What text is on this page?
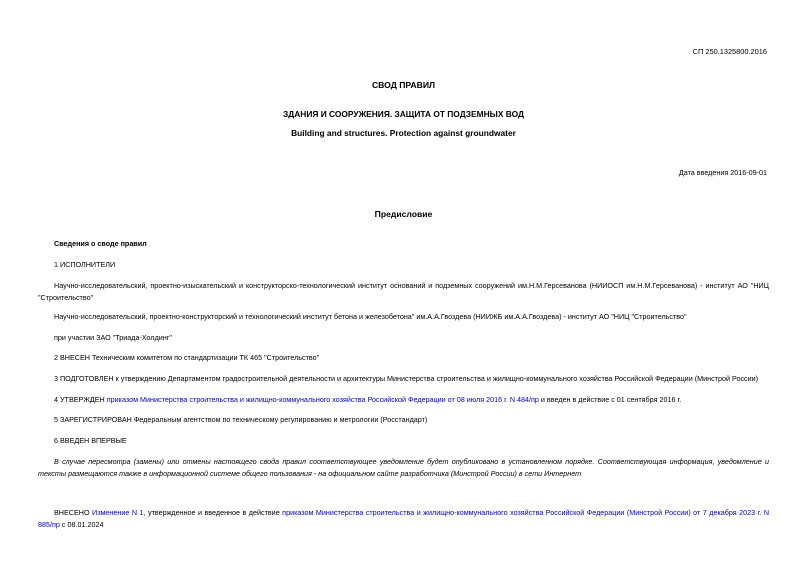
СП 250.1325800.2016
СВОД ПРАВИЛ
ЗДАНИЯ И СООРУЖЕНИЯ. ЗАЩИТА ОТ ПОДЗЕМНЫХ ВОД
Building and structures. Protection against groundwater
Дата введения 2016-09-01
Предисловие
Сведения о своде правил
1 ИСПОЛНИТЕЛИ
Научно-исследовательский, проектно-изыскательский и конструкторско-технологический институт оснований и подземных сооружений им.Н.М.Герсеванова (НИИОСП им.Н.М.Герсеванова) - институт АО "НИЦ "Строительство"
Научно-исследовательский, проектно-конструкторский и технологический институт бетона и железобетона" им.А.А.Гвоздева (НИИЖБ им.А.А.Гвоздева) - институт АО "НИЦ "Строительство"
при участии ЗАО "Триада-Холдинг"
2 ВНЕСЕН Техническим комитетом по стандартизации ТК 465 "Строительство"
3 ПОДГОТОВЛЕН к утверждению Департаментом градостроительной деятельности и архитектуры Министерства строительства и жилищно-коммунального хозяйства Российской Федерации (Минстрой России)
4 УТВЕРЖДЕН приказом Министерства строительства и жилищно-коммунального хозяйства Российской Федерации от 08 июля 2016 г. N 484/пр и введен в действие с 01 сентября 2016 г.
5 ЗАРЕГИСТРИРОВАН Федеральным агентством по техническому регулированию и метрологии (Росстандарт)
6 ВВЕДЕН ВПЕРВЫЕ
В случае пересмотра (замены) или отмены настоящего свода правил соответствующее уведомление будет опубликовано в установленном порядке. Соответствующая информация, уведомление и тексты размещаются также в информационной системе общего пользования - на официальном сайте разработчика (Минстрой России) в сети Интернет
ВНЕСЕНО Изменение N 1, утвержденное и введенное в действие приказом Министерства строительства и жилищно-коммунального хозяйства Российской Федерации (Минстрой России) от 7 декабря 2023 г. N 885/пр с 08.01.2024
